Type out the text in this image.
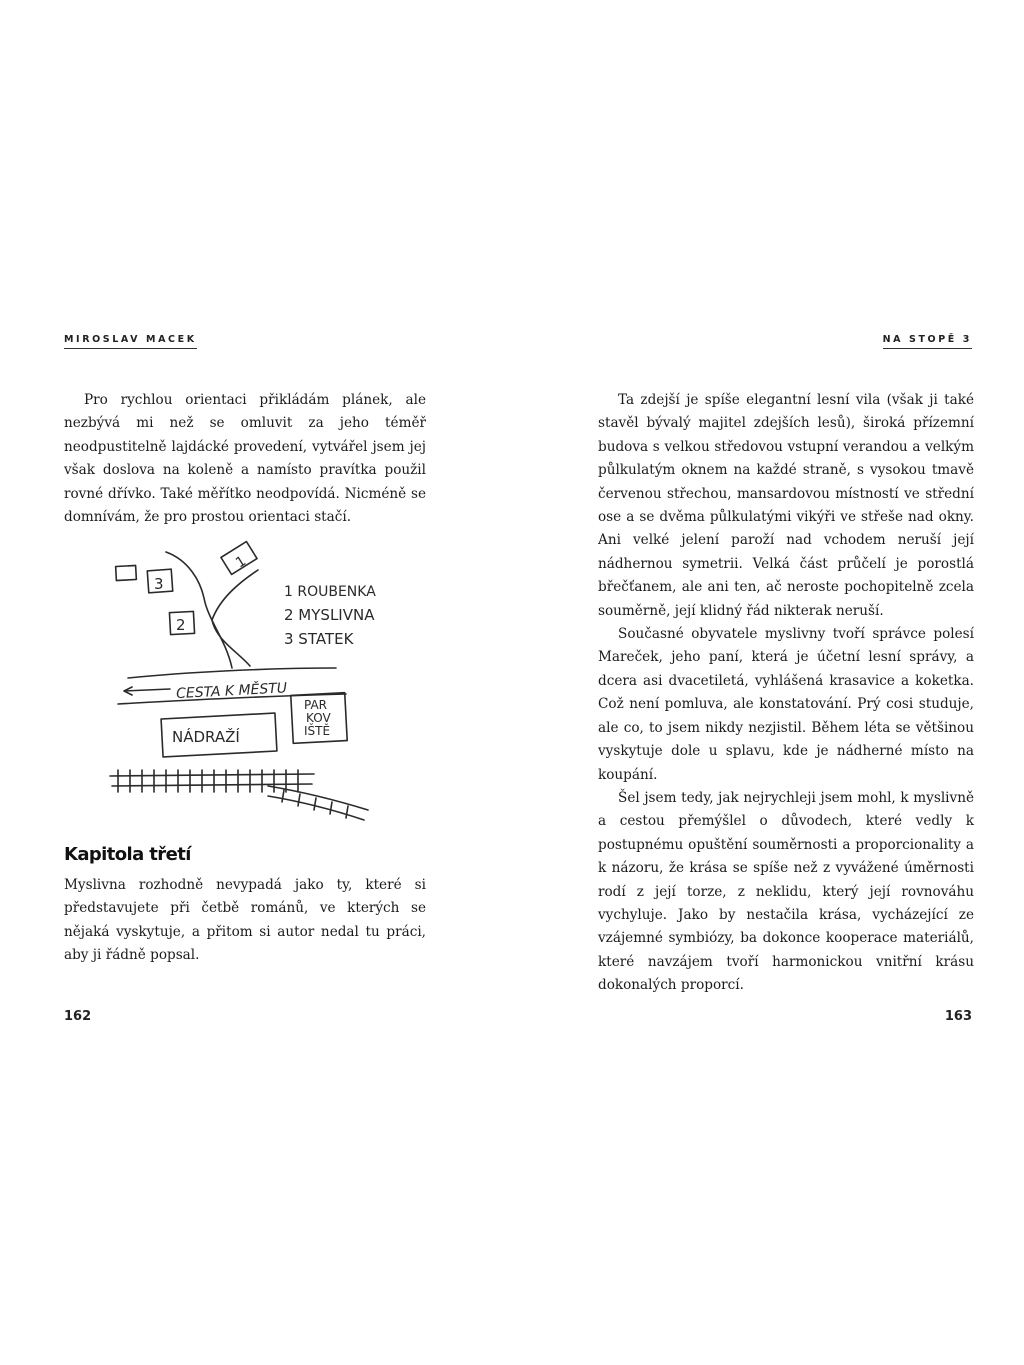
MIROSLAV MACEK

Pro rychlou orientaci přikládám plánek, ale nezbývá mi než se omluvit za jeho téměř neodpustitelně lajdácké provedení, vytvářel jsem jej však doslova na koleně a namísto pravítka použil rovné dřívko. Také měřítko neodpovídá. Nicméně se domnívám, že pro prostou orientaci stačí.

3
1
2
CESTA K MĚSTU
NÁDRAŽÍ
PAR
KOV
IŠTĚ
1 ROUBENKA
2 MYSLIVNA
3 STATEK
Kapitola třetí

Myslivna rozhodně nevypadá jako ty, které si představujete při četbě románů, ve kterých se nějaká vyskytuje, a přitom si autor nedal tu práci, aby ji řádně popsal.

162
NA STOPĚ 3

Ta zdejší je spíše elegantní lesní vila (však ji také stavěl bývalý majitel zdejších lesů), široká přízemní budova s velkou středovou vstupní verandou a velkým půlkulatým oknem na každé straně, s vysokou tmavě červenou střechou, mansardovou místností ve střední ose a se dvěma půlkulatými vikýři ve střeše nad okny. Ani velké jelení paroží nad vchodem neruší její nádhernou symetrii. Velká část průčelí je porostlá břečťanem, ale ani ten, ač neroste pochopitelně zcela souměrně, její klidný řád nikterak neruší.

Současné obyvatele myslivny tvoří správce polesí Mareček, jeho paní, která je účetní lesní správy, a dcera asi dvacetiletá, vyhlášená krasavice a koketka. Což není pomluva, ale konstatování. Prý cosi studuje, ale co, to jsem nikdy nezjistil. Během léta se většinou vyskytuje dole u splavu, kde je nádherné místo na koupání.

Šel jsem tedy, jak nejrychleji jsem mohl, k myslivně a cestou přemýšlel o důvodech, které vedly k postupnému opuštění souměrnosti a proporcionality a k názoru, že krása se spíše než z vyvážené úměrnosti rodí z její torze, z neklidu, který její rovnováhu vychyluje. Jako by nestačila krása, vycházející ze vzájemné symbiózy, ba dokonce kooperace materiálů, které navzájem tvoří harmonickou vnitřní krásu dokonalých proporcí.

163
